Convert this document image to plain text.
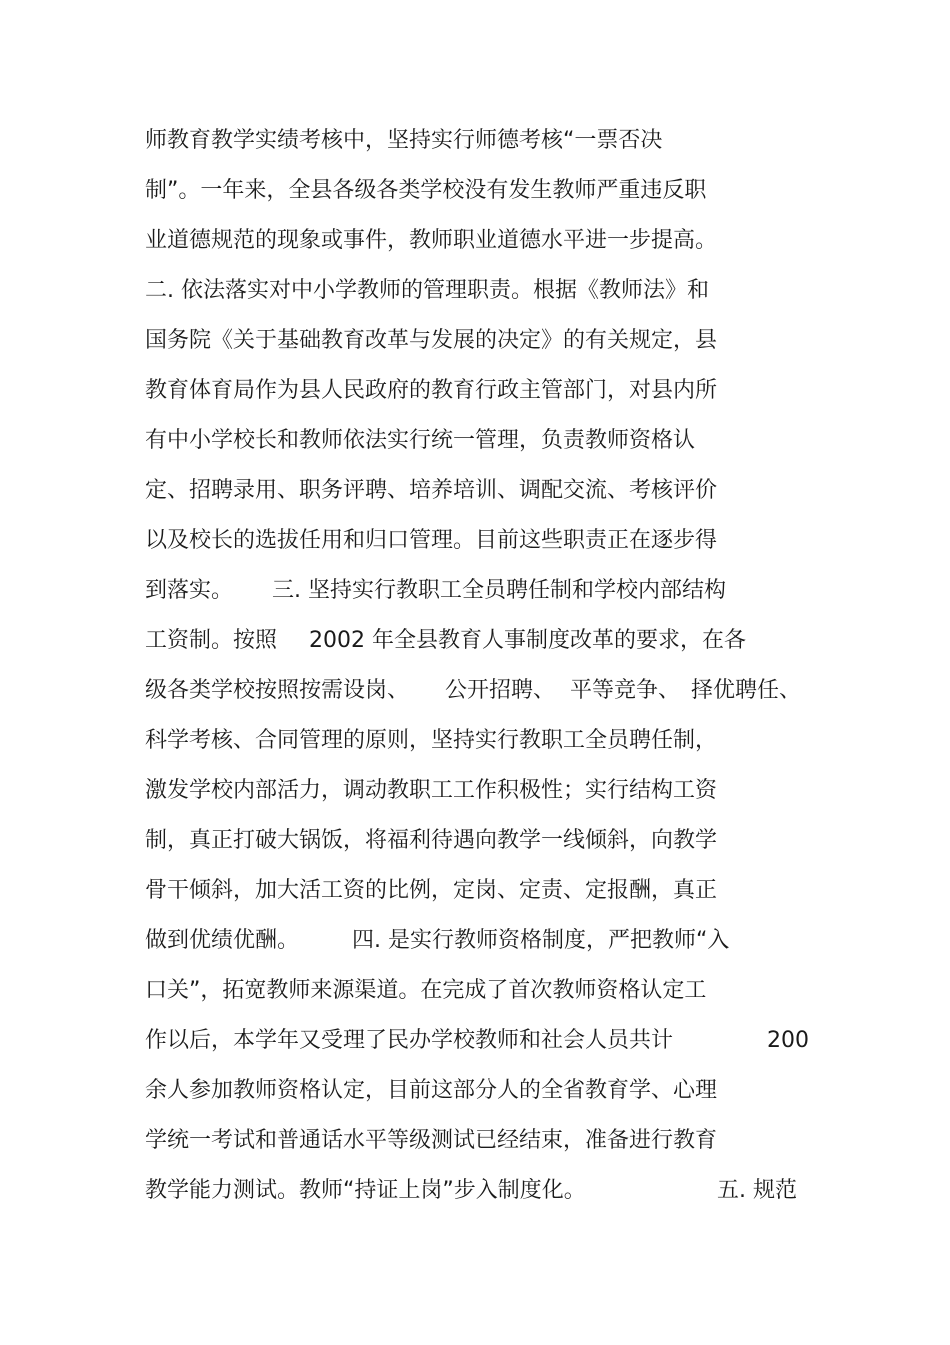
师教育教学实绩考核中，坚持实行师德考核“一票否决
制”。一年来，全县各级各类学校没有发生教师严重违反职
业道德规范的现象或事件，教师职业道德水平进一步提高。
二. 依法落实对中小学教师的管理职责。根据《教师法》和
国务院《关于基础教育改革与发展的决定》的有关规定，县
教育体育局作为县人民政府的教育行政主管部门，对县内所
有中小学校长和教师依法实行统一管理，负责教师资格认
定、招聘录用、职务评聘、培养培训、调配交流、考核评价
以及校长的选拔任用和归口管理。目前这些职责正在逐步得
到落实。 三. 坚持实行教职工全员聘任制和学校内部结构
工资制。按照 2002 年全县教育人事制度改革的要求，在各
级各类学校按照按需设岗、 公开招聘、 平等竞争、 择优聘任、
科学考核、合同管理的原则，坚持实行教职工全员聘任制，
激发学校内部活力，调动教职工工作积极性；实行结构工资
制，真正打破大锅饭，将福利待遇向教学一线倾斜，向教学
骨干倾斜，加大活工资的比例，定岗、定责、定报酬，真正
做到优绩优酬。 四. 是实行教师资格制度，严把教师“入
口关”，拓宽教师来源渠道。在完成了首次教师资格认定工
作以后，本学年又受理了民办学校教师和社会人员共计	200
余人参加教师资格认定，目前这部分人的全省教育学、心理
学统一考试和普通话水平等级测试已经结束，准备进行教育
教学能力测试。教师“持证上岗”步入制度化。	五. 规范
